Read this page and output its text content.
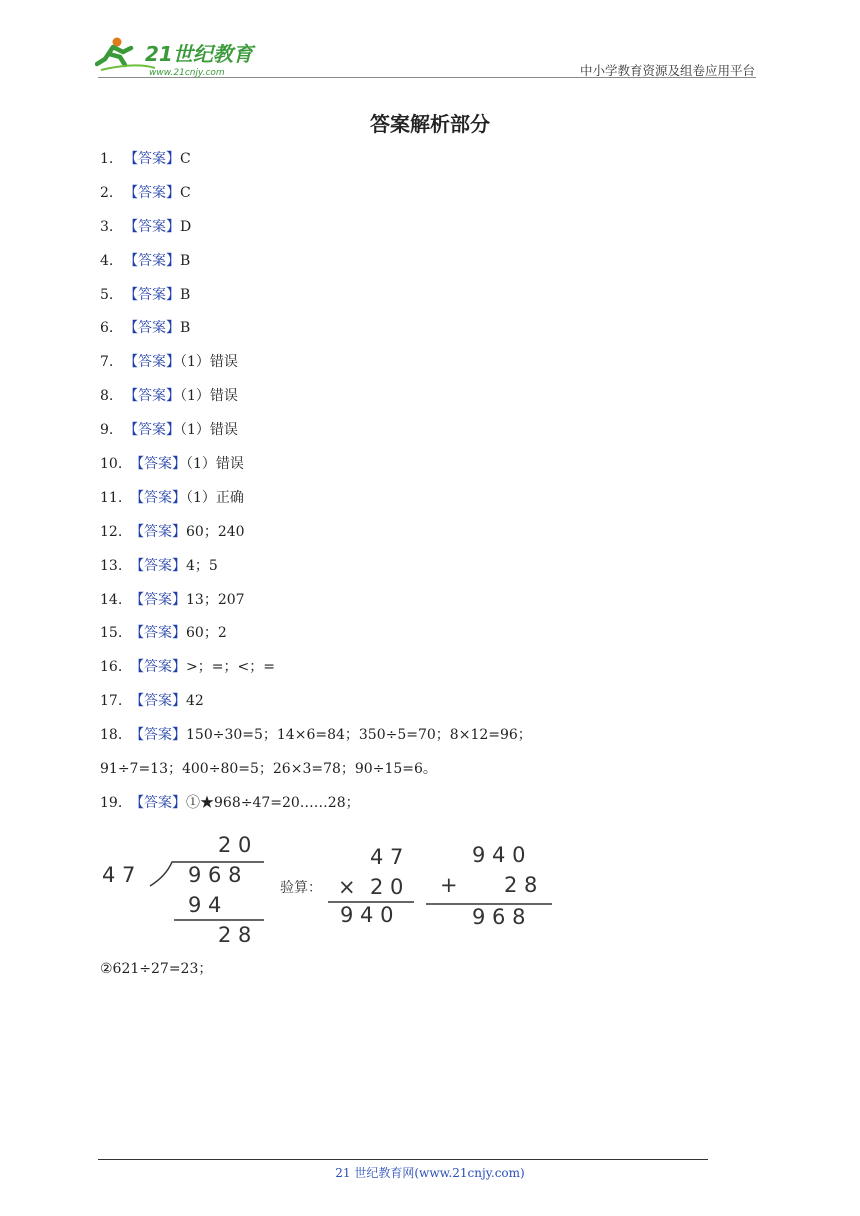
21世纪教育
www.21cnjy.com	中小学教育资源及组卷应用平台
答案解析部分
1. 【答案】C
2. 【答案】C
3. 【答案】D
4. 【答案】B
5. 【答案】B
6. 【答案】B
7. 【答案】（1）错误
8. 【答案】（1）错误
9. 【答案】（1）错误
10. 【答案】（1）错误
11. 【答案】（1）正确
12. 【答案】60；240
13. 【答案】4；5
14. 【答案】13；207
15. 【答案】60；2
16. 【答案】>；=；<；=
17. 【答案】42
18. 【答案】150÷30=5；14×6=84；350÷5=70；8×12=96；
91÷7=13；400÷80=5；26×3=78；90÷15=6。
19. 【答案】①★968÷47=20……28；
4 7
2 0
9 6 8
9 4
2 8
验算：
4 7
× 2 0
9 4 0
9 4 0
+ 2 8
9 6 8
②621÷27=23；
21 世纪教育网(www.21cnjy.com)
